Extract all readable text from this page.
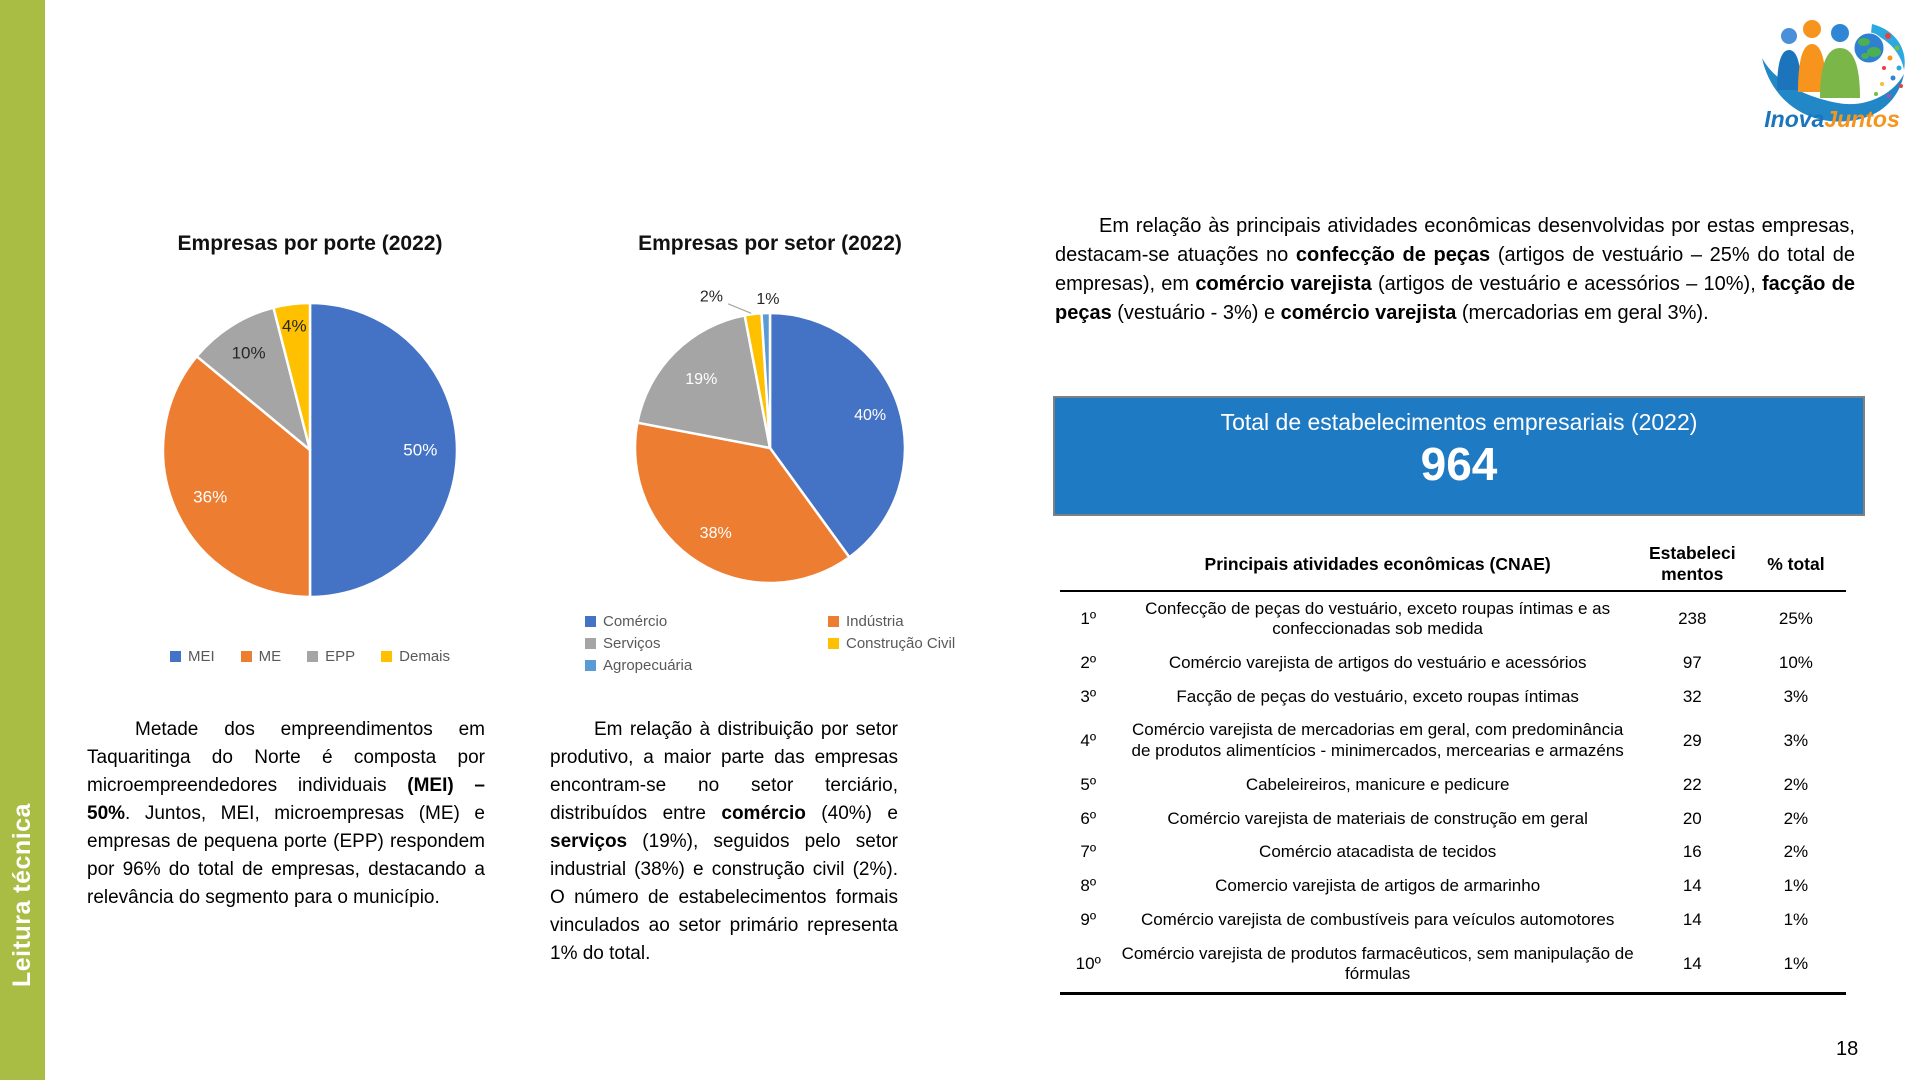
Leitura técnica
InovaJuntos
Empresas por porte (2022)
50%
36%
10%
4%
MEI	ME	EPP	Demais
Empresas por setor (2022)
40%
38%
19%
2% 1%
Comércio	Indústria
Serviços	Construção Civil
Agropecuária
Metade dos empreendimentos em Taquaritinga do Norte é composta por microempreendedores individuais (MEI) – 50%. Juntos, MEI, microempresas (ME) e empresas de pequena porte (EPP) respondem por 96% do total de empresas, destacando a relevância do segmento para o município.
Em relação à distribuição por setor produtivo, a maior parte das empresas encontram-se no setor terciário, distribuídos entre comércio (40%) e serviços (19%), seguidos pelo setor industrial (38%) e construção civil (2%). O número de estabelecimentos formais vinculados ao setor primário representa 1% do total.
Em relação às principais atividades econômicas desenvolvidas por estas empresas, destacam-se atuações no confecção de peças (artigos de vestuário – 25% do total de empresas), em comércio varejista (artigos de vestuário e acessórios – 10%), facção de peças (vestuário - 3%) e comércio varejista (mercadorias em geral 3%).
Total de estabelecimentos empresariais (2022)
964
	Principais atividades econômicas (CNAE)	Estabeleci mentos	% total
1º	Confecção de peças do vestuário, exceto roupas íntimas e as confeccionadas sob medida	238	25%
2º	Comércio varejista de artigos do vestuário e acessórios	97	10%
3º	Facção de peças do vestuário, exceto roupas íntimas	32	3%
4º	Comércio varejista de mercadorias em geral, com predominância de produtos alimentícios - minimercados, mercearias e armazéns	29	3%
5º	Cabeleireiros, manicure e pedicure	22	2%
6º	Comércio varejista de materiais de construção em geral	20	2%
7º	Comércio atacadista de tecidos	16	2%
8º	Comercio varejista de artigos de armarinho	14	1%
9º	Comércio varejista de combustíveis para veículos automotores	14	1%
10º	Comércio varejista de produtos farmacêuticos, sem manipulação de fórmulas	14	1%
18
